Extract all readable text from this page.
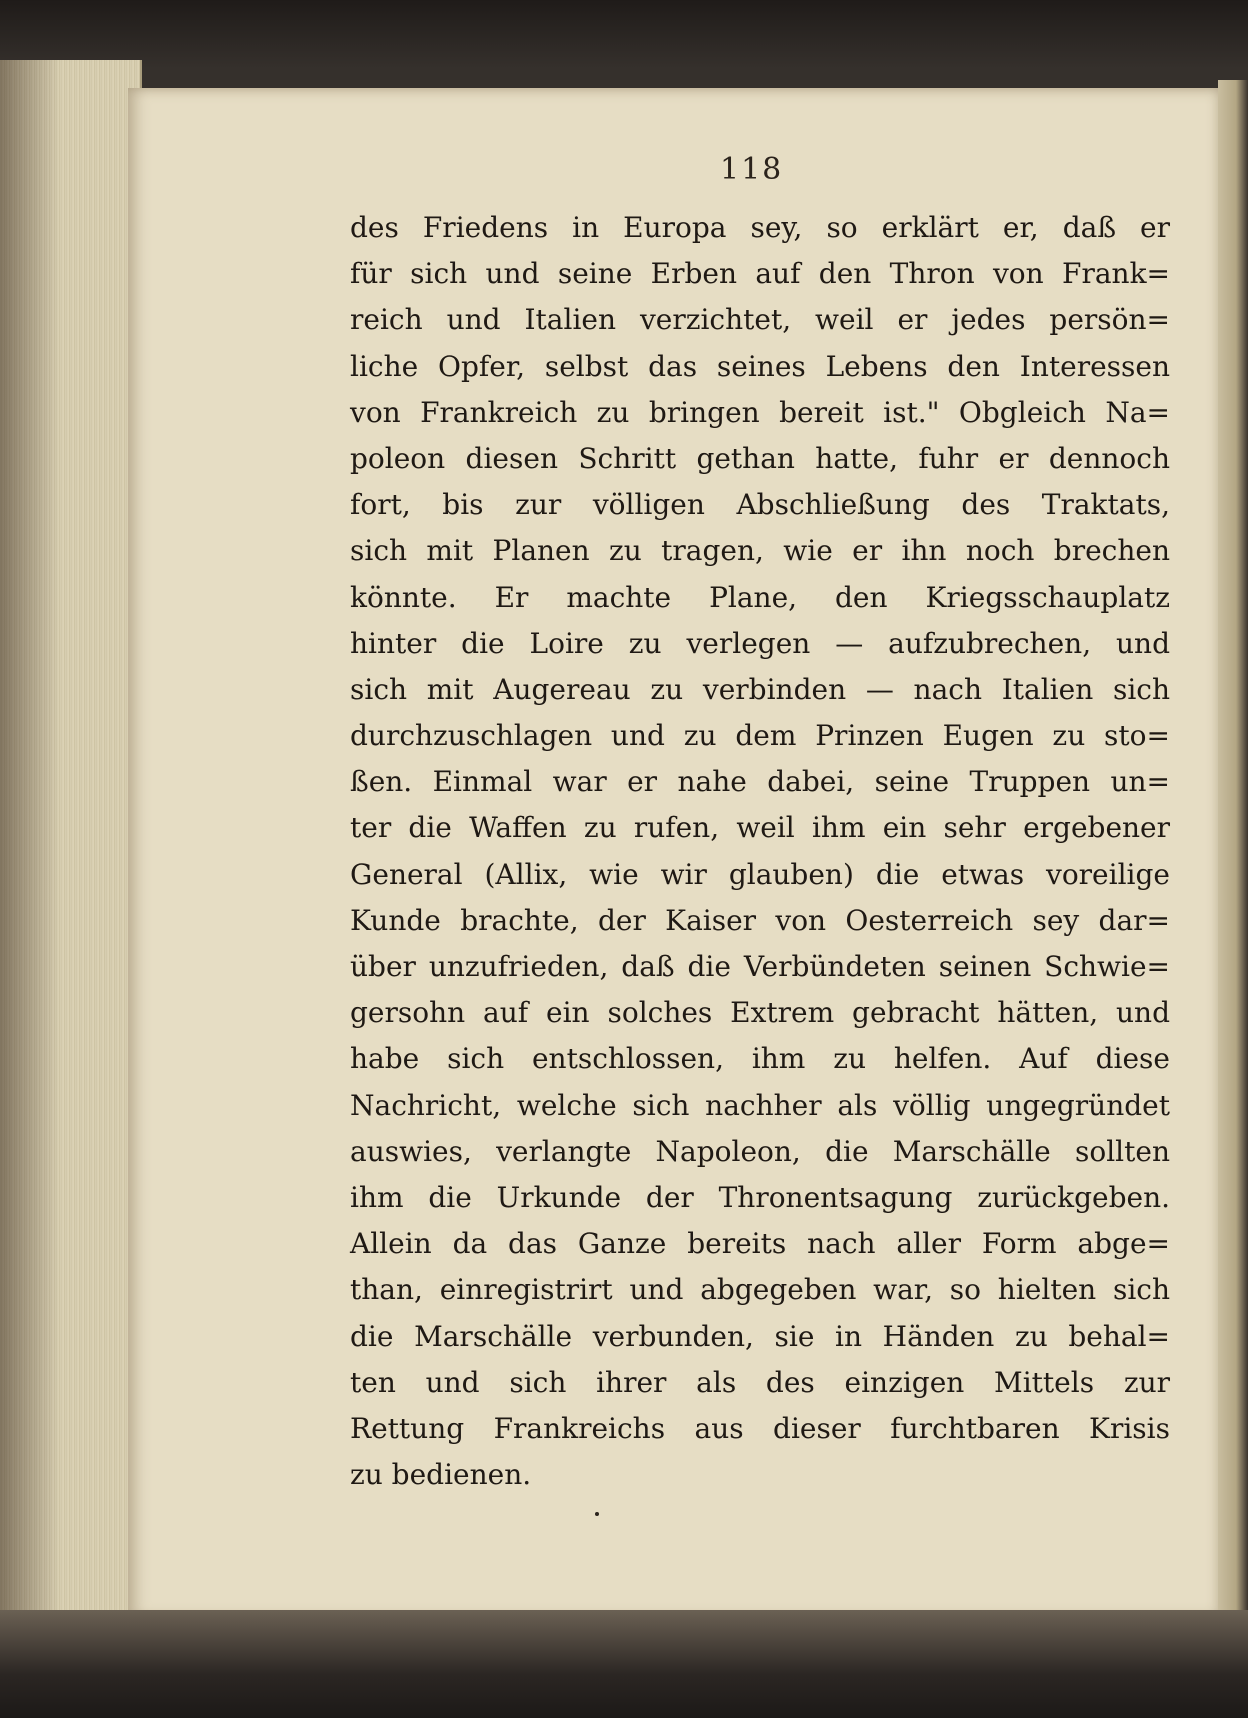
118
des Friedens in Europa sey, so erklärt er, daß er
für sich und seine Erben auf den Thron von Frank=
reich und Italien verzichtet, weil er jedes persön=
liche Opfer, selbst das seines Lebens den Interessen
von Frankreich zu bringen bereit ist." Obgleich Na=
poleon diesen Schritt gethan hatte, fuhr er dennoch
fort, bis zur völligen Abschließung des Traktats,
sich mit Planen zu tragen, wie er ihn noch brechen
könnte. Er machte Plane, den Kriegsschauplatz
hinter die Loire zu verlegen — aufzubrechen, und
sich mit Augereau zu verbinden — nach Italien sich
durchzuschlagen und zu dem Prinzen Eugen zu sto=
ßen. Einmal war er nahe dabei, seine Truppen un=
ter die Waffen zu rufen, weil ihm ein sehr ergebener
General (Allix, wie wir glauben) die etwas voreilige
Kunde brachte, der Kaiser von Oesterreich sey dar=
über unzufrieden, daß die Verbündeten seinen Schwie=
gersohn auf ein solches Extrem gebracht hätten, und
habe sich entschlossen, ihm zu helfen. Auf diese
Nachricht, welche sich nachher als völlig ungegründet
auswies, verlangte Napoleon, die Marschälle sollten
ihm die Urkunde der Thronentsagung zurückgeben.
Allein da das Ganze bereits nach aller Form abge=
than, einregistrirt und abgegeben war, so hielten sich
die Marschälle verbunden, sie in Händen zu behal=
ten und sich ihrer als des einzigen Mittels zur
Rettung Frankreichs aus dieser furchtbaren Krisis
zu bedienen.
